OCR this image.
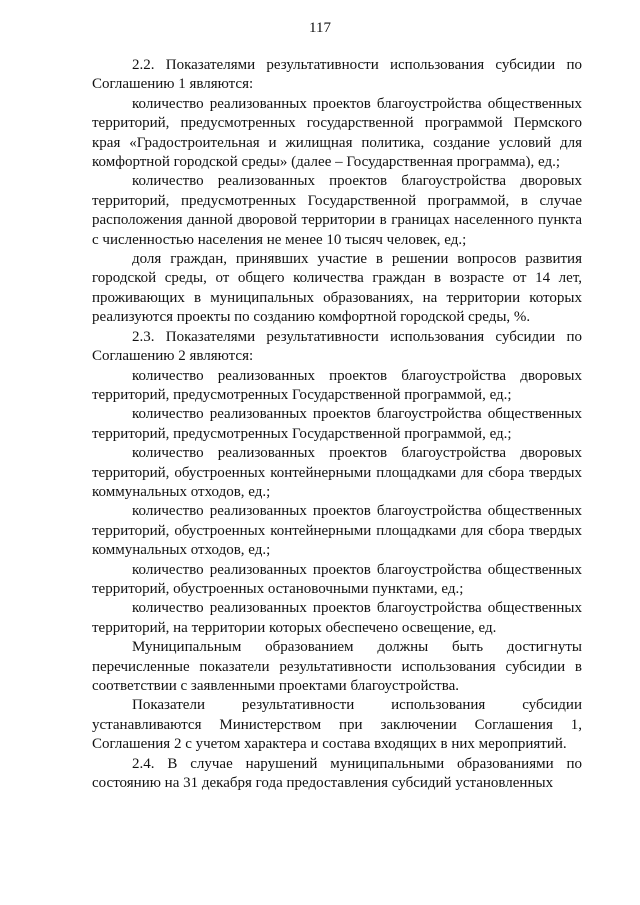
117

2.2. Показателями результативности использования субсидии по Соглашению 1 являются:

количество реализованных проектов благоустройства общественных территорий, предусмотренных государственной программой Пермского края «Градостроительная и жилищная политика, создание условий для комфортной городской среды» (далее – Государственная программа), ед.;

количество реализованных проектов благоустройства дворовых территорий, предусмотренных Государственной программой, в случае расположения данной дворовой территории в границах населенного пункта с численностью населения не менее 10 тысяч человек, ед.;

доля граждан, принявших участие в решении вопросов развития городской среды, от общего количества граждан в возрасте от 14 лет, проживающих в муниципальных образованиях, на территории которых реализуются проекты по созданию комфортной городской среды, %.

2.3. Показателями результативности использования субсидии по Соглашению 2 являются:

количество реализованных проектов благоустройства дворовых территорий, предусмотренных Государственной программой, ед.;

количество реализованных проектов благоустройства общественных территорий, предусмотренных Государственной программой, ед.;

количество реализованных проектов благоустройства дворовых территорий, обустроенных контейнерными площадками для сбора твердых коммунальных отходов, ед.;

количество реализованных проектов благоустройства общественных территорий, обустроенных контейнерными площадками для сбора твердых коммунальных отходов, ед.;

количество реализованных проектов благоустройства общественных территорий, обустроенных остановочными пунктами, ед.;

количество реализованных проектов благоустройства общественных территорий, на территории которых обеспечено освещение, ед.

Муниципальным образованием должны быть достигнуты перечисленные показатели результативности использования субсидии в соответствии с заявленными проектами благоустройства.

Показатели результативности использования субсидии устанавливаются Министерством при заключении Соглашения 1, Соглашения 2 с учетом характера и состава входящих в них мероприятий.

2.4. В случае нарушений муниципальными образованиями по состоянию на 31 декабря года предоставления субсидий установленных
